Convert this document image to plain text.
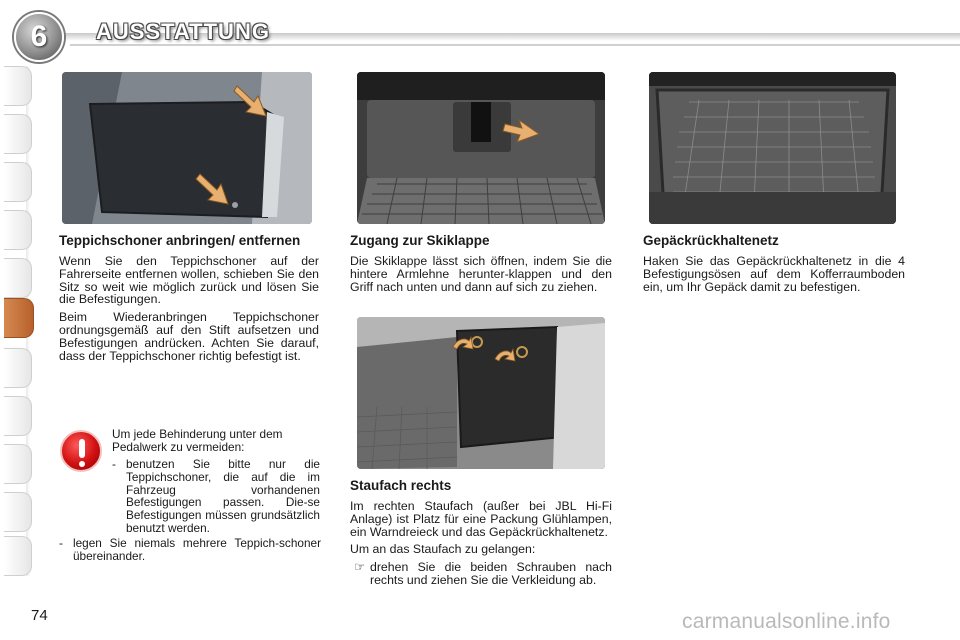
6	AUSSTATTUNG
Teppichschoner anbringen/ entfernen

Wenn Sie den Teppichschoner auf der Fahrerseite entfernen wollen, schieben Sie den Sitz so weit wie möglich zurück und lösen Sie die Befestigungen.

Beim Wiederanbringen Teppichschoner ordnungsgemäß auf den Stift aufsetzen und Befestigungen andrücken. Achten Sie darauf, dass der Teppichschoner richtig befestigt ist.

Zugang zur Skiklappe

Die Skiklappe lässt sich öffnen, indem Sie die hintere Armlehne herunter-klappen und den Griff nach unten und dann auf sich zu ziehen.

Gepäckrückhaltenetz

Haken Sie das Gepäckrückhaltenetz in die 4 Befestigungsösen auf dem Kofferraumboden ein, um Ihr Gepäck damit zu befestigen.

Staufach rechts

Im rechten Staufach (außer bei JBL Hi-Fi Anlage) ist Platz für eine Packung Glühlampen, ein Warndreieck und das Gepäckrückhaltenetz.

Um an das Staufach zu gelangen:

☞ drehen Sie die beiden Schrauben nach rechts und ziehen Sie die Verkleidung ab.
Um jede Behinderung unter dem Pedalwerk zu vermeiden:
- benutzen Sie bitte nur die Teppichschoner, die auf die im Fahrzeug vorhandenen Befestigungen passen. Die-se Befestigungen müssen grundsätzlich benutzt werden.
- legen Sie niemals mehrere Teppich-schoner übereinander.
74	carmanualsonline.info
